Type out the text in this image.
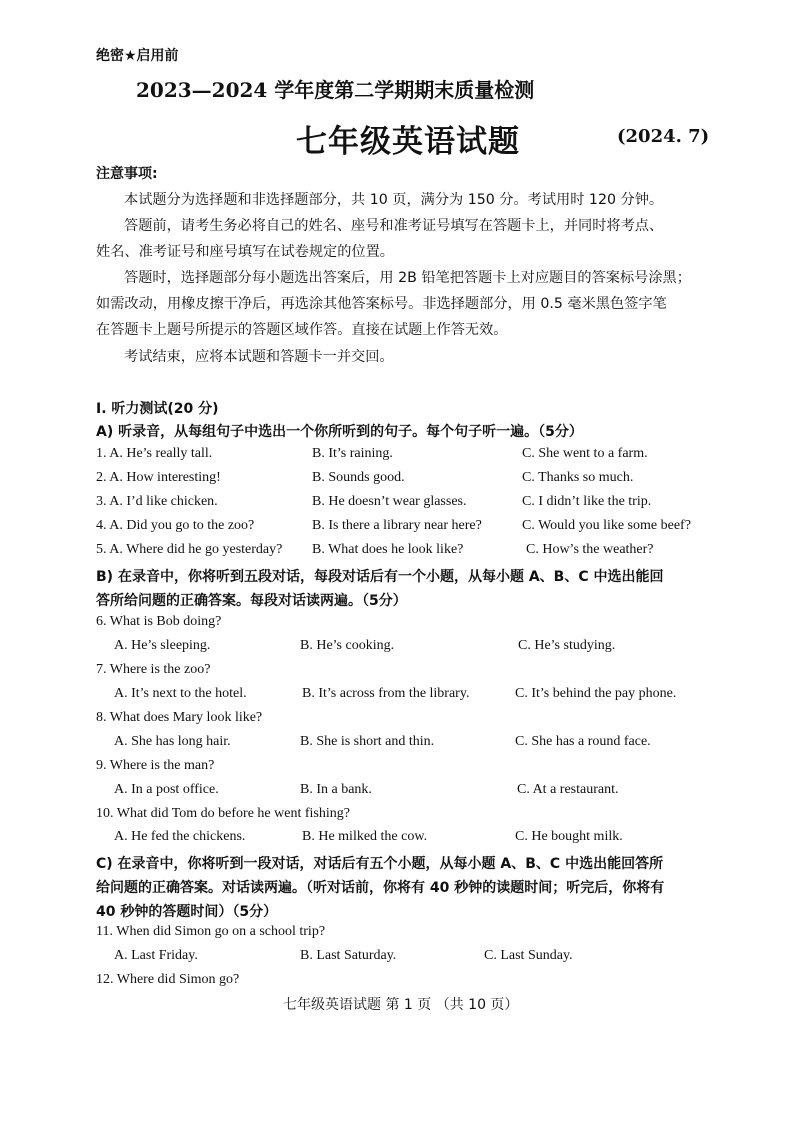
绝密★启用前
2023—2024 学年度第二学期期末质量检测
七年级英语试题	(2024. 7)
注意事项:
本试题分为选择题和非选择题部分，共 10 页，满分为 150 分。考试用时 120 分钟。
答题前，请考生务必将自己的姓名、座号和准考证号填写在答题卡上，并同时将考点、
姓名、准考证号和座号填写在试卷规定的位置。
答题时，选择题部分每小题选出答案后，用 2B 铅笔把答题卡上对应题目的答案标号涂黑；
如需改动，用橡皮擦干净后，再选涂其他答案标号。非选择题部分，用 0.5 毫米黑色签字笔
在答题卡上题号所提示的答题区域作答。直接在试题上作答无效。
考试结束，应将本试题和答题卡一并交回。
I. 听力测试(20 分)
A) 听录音，从每组句子中选出一个你所听到的句子。每个句子听一遍。（5分）
1. A. He’s really tall.	B. It’s raining.	C. She went to a farm.
2. A. How interesting!	B. Sounds good.	C. Thanks so much.
3. A. I’d like chicken.	B. He doesn’t wear glasses.	C. I didn’t like the trip.
4. A. Did you go to the zoo?	B. Is there a library near here?	C. Would you like some beef?
5. A. Where did he go yesterday? B. What does he look like?	C. How’s the weather?
B) 在录音中，你将听到五段对话，每段对话后有一个小题，从每小题 A、B、C 中选出能回
答所给问题的正确答案。每段对话读两遍。（5分）
6. What is Bob doing?
A. He’s sleeping.	B. He’s cooking.	C. He’s studying.
7. Where is the zoo?
A. It’s next to the hotel.	B. It’s across from the library.	C. It’s behind the pay phone.
8. What does Mary look like?
A. She has long hair.	B. She is short and thin.	C. She has a round face.
9. Where is the man?
A. In a post office.	B. In a bank.	C. At a restaurant.
10. What did Tom do before he went fishing?
A. He fed the chickens.	B. He milked the cow.	C. He bought milk.
C) 在录音中，你将听到一段对话，对话后有五个小题，从每小题 A、B、C 中选出能回答所
给问题的正确答案。对话读两遍。（听对话前，你将有 40 秒钟的读题时间；听完后，你将有
40 秒钟的答题时间）（5分）
11. When did Simon go on a school trip?
A. Last Friday.	B. Last Saturday.	C. Last Sunday.
12. Where did Simon go?
七年级英语试题 第 1 页 （共 10 页）
